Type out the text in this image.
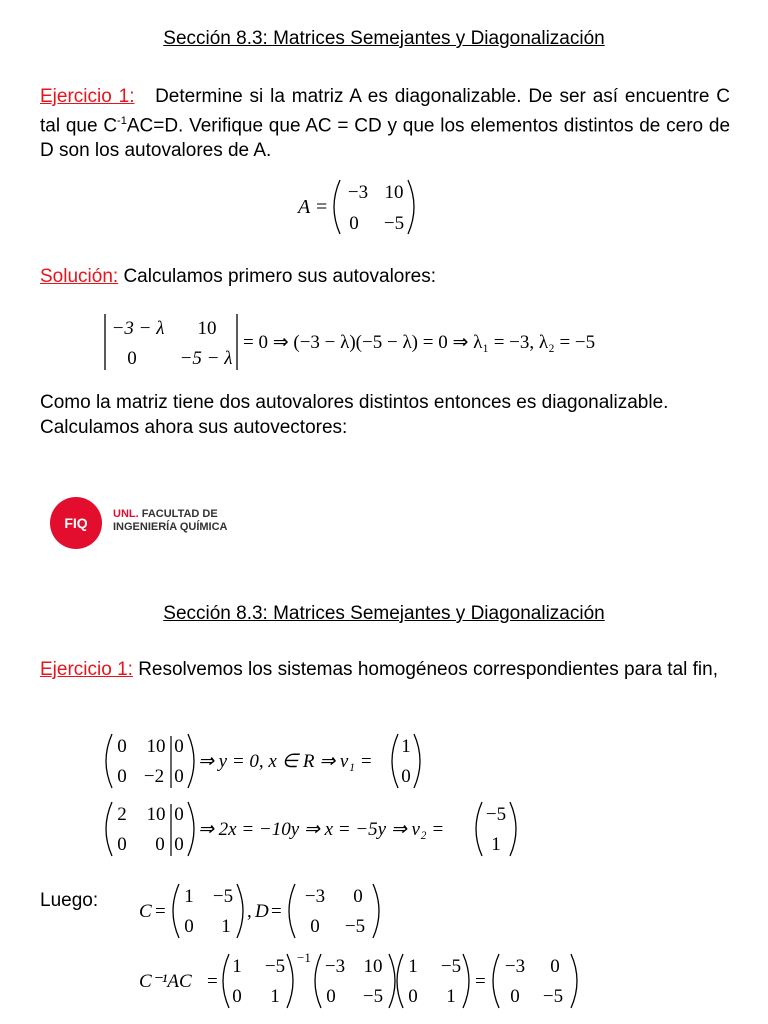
Sección 8.3: Matrices Semejantes y Diagonalización
Ejercicio 1: Determine si la matriz A es diagonalizable. De ser así encuentre C tal que $C^{-1}AC=D$. Verifique que AC = CD y que los elementos distintos de cero de D son los autovalores de A.
A =
−3 10
0 −5
Solución: Calculamos primero sus autovalores:
−3 − λ 10
0 −5 − λ
= 0 ⇒ (−3 − λ)(−5 − λ) = 0 ⇒ λ₁ = −3, λ₂ = −5
Como la matriz tiene dos autovalores distintos entonces es diagonalizable.
Calculamos ahora sus autovectores:
FIQ
UNL. FACULTAD DE
INGENIERÍA QUÍMICA
Sección 8.3: Matrices Semejantes y Diagonalización
Ejercicio 1: Resolvemos los sistemas homogéneos correspondientes para tal fin,
0 10 0
0 −2 0
⇒ y = 0, x ∈ R ⇒ v₁ =
1
0
2 10 0
0 0 0
⇒ 2x = −10y ⇒ x = −5y ⇒ v₂ =
−5
1
Luego:
C =
1 −5
0 1
, D =
−3 0
0 −5
C⁻¹AC =
1 −5
0 1
−1 −3 10
0 −5
1 −5
0 1
=
−3 0
0 −5
